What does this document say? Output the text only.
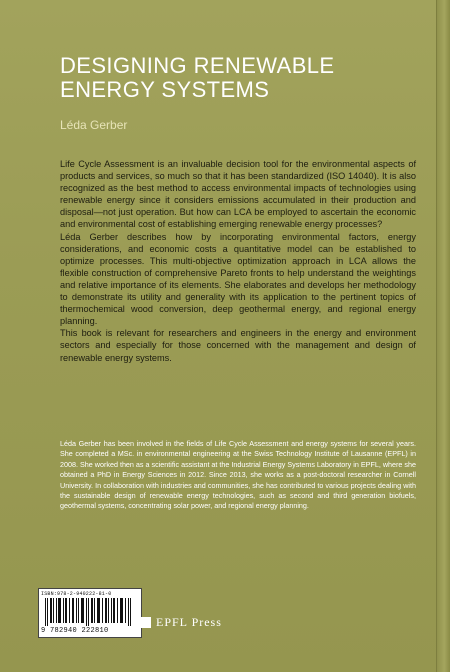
DESIGNING RENEWABLE ENERGY SYSTEMS
Léda Gerber

Life Cycle Assessment is an invaluable decision tool for the environmental aspects of products and services, so much so that it has been standardized (ISO 14040). It is also recognized as the best method to access environmental impacts of technologies using renewable energy since it considers emissions accumulated in their production and disposal—not just operation. But how can LCA be employed to ascertain the economic and environmental cost of establishing emerging renewable energy processes?

Léda Gerber describes how by incorporating environmental factors, energy considerations, and economic costs a quantitative model can be established to optimize processes. This multi-objective optimization approach in LCA allows the flexible construction of comprehensive Pareto fronts to help understand the weightings and relative importance of its elements. She elaborates and develops her methodology to demonstrate its utility and generality with its application to the pertinent topics of thermochemical wood conversion, deep geothermal energy, and regional energy planning.

This book is relevant for researchers and engineers in the energy and environment sectors and especially for those concerned with the management and design of renewable energy systems.

Léda Gerber has been involved in the fields of Life Cycle Assessment and energy systems for several years. She completed a MSc. in environmental engineering at the Swiss Technology Institute of Lausanne (EPFL) in 2008. She worked then as a scientific assistant at the Industrial Energy Systems Laboratory in EPFL, where she obtained a PhD in Energy Sciences in 2012. Since 2013, she works as a post-doctoral researcher in Cornell University. In collaboration with industries and communities, she has contributed to various projects dealing with the sustainable design of renewable energy technologies, such as second and third generation biofuels, geothermal systems, concentrating solar power, and regional energy planning.
ISBN:978-2-940222-81-0
9 782940 222810
EPFL Press
